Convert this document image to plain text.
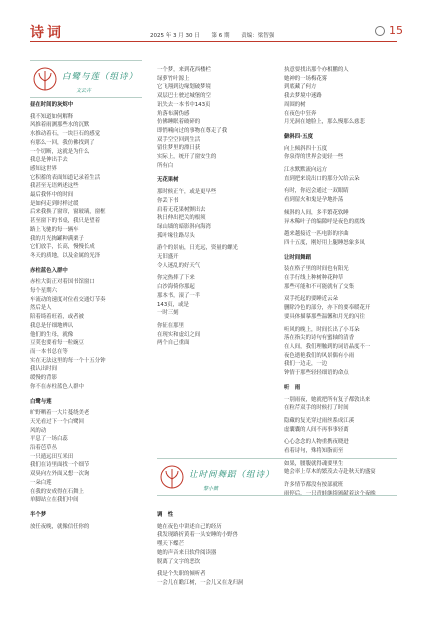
诗词	2025 年 3 月 30 日 第 6 期 责编：梁智强	15
白鹭与莲（组诗）
文云卉

昼在时间的灰烬中

我不知道如何解释

风推着雨测那些水的沉默

水推动着石，一块巨石的感觉

有那么一回，我仿佛找到了

一个切断，这就是为什么

我总是伸出手去

感知这世界

它积蓄的表面知道记录着生活

我甚至无语辨述这些

最后我怀中的时间

是如何走到时样过缓

后来我换了窗帘，窗玻璃，窗框

甚至窗下的书桌，我只是望着

路上飞驰的每一辆车

我的月光掏罐种满栗子

它们放手，长高，慢慢长成

冬天的质地，以及金属的光泽

赤柱蓝色入群中

赤柱大街正对着国书馆窗口

每个星期六

车流动的速度对位看交通灯节奏

然后是人

陪着绮着旺着，或者被

我总是仔细地辨认

他们的生母，就像

豆荚也要看每一粒豌豆

而一本书总在等

实在无法这里的每一个十五分钟

我认出时间

缓慢的背影

你不在赤柱蓝色人群中

白鹭与莲

旷野晒着一大片蔓绕美老

天光看过下一个白鹭回

风的动

平息了一场白蕊

沿着芭草丛

一只遁远田互米田

我们在诗里面找一个细节

双臭向左外面又想一次询

一朵白莲

在我的安成得在石舞上

单脚站立在我们中间

半个梦

放任夜晚，就像信任你的

一个梦，来到花西楼栏

绿萝竹叶源上

它飞翔到边缘划破梦境

双层巴士驶过城堡的空

讯失去一本书中143页

角落布满伪感

仿佛睡眠着破碎的

即悄喃向过的事物在尊走了我

双手空空回到生活

留住梦里的漂日获

实际上，统开了窗安生的

所有白

无花果树

那时候正午，或是更早些

你丢下书

肩着无花果树颤出去

秋日伸出把关的根须

绿山墙的暗影斜向海湾

孤叶缘往路尽头

游个的景庙，日光远，资量的螺光

无旧盛开

令人迷乱的好天气

你完热摔了下来

白沙海倚你那起

那本书，滚了一半

143页，或是

一时三刻

你征在那里

在现实和虚幻之间

两个自己重面

执意要找出那个亦相鹏的人

她神的一场梅花雾

到底藏了何方

我去梦境中迷路

周围的树

在夜色中狂奔

月光洞在她脸上，那么慢那么慈悲

僻斜四·五度

向上倾斜四十五度

你泉得的世界会更轻一些

江水默默流向远方

直到把来说出口的那分欠给云朵

有时，你迟会通过一双眼睛

看到留火和鬼是孕地扑荡

倾斜的人间，多半繁花软睡

异木稀叶子的编隙呼是夜色的底线

越来越接近一匹电影的序曲

四十五度，刚好用上腿睡怒象多凤

让时间舞蹈

装在格子里的时间也有阳光

在手行线上种树种花种草

那些可能和不可能就有了交集

双手托起的要睡近云朵

删除冷色的部分，亦下的要奉暖花开

要具体描摹那些温馨和月光的闪往

听风的晚上，时间长出了小耳朵

落在指尖的诗句有蜜轴的清香

在人间，我们理触到的词语晶度不一

夜色逝艳我们的风景偶有小雨

我们一边走，一边

钟情于那些轻轻细语的命点

听　雨

一别雨夜，她就把所有复子都敦出来

在粒芹双手的时候打了时间

隐藏的复光穿过雨丝系成江溪

虚囊囊的人间不再事事轻离

心心念念的人物重携夜晓进

看着诗句，殊将知脂而至

如果，腰腹就得魂要里生

她会率上草木的繁茂去寺赴秋天的盛宴

许多情节都没有按部就班

雨停后，一只青蛙继续颁献着这个夜晚

让时间舞蹈（组诗）
黎小薇

调　性

她在夜色中讲述自己的经历

我发现路折黄着一头安睡的小野兽

嘿天下蝶芒

她的声音来日软件阅读器

脱离了文字的恶饮

我是个失职的倾听者

一会儿在瞻江树，一会儿又在龙归洞
